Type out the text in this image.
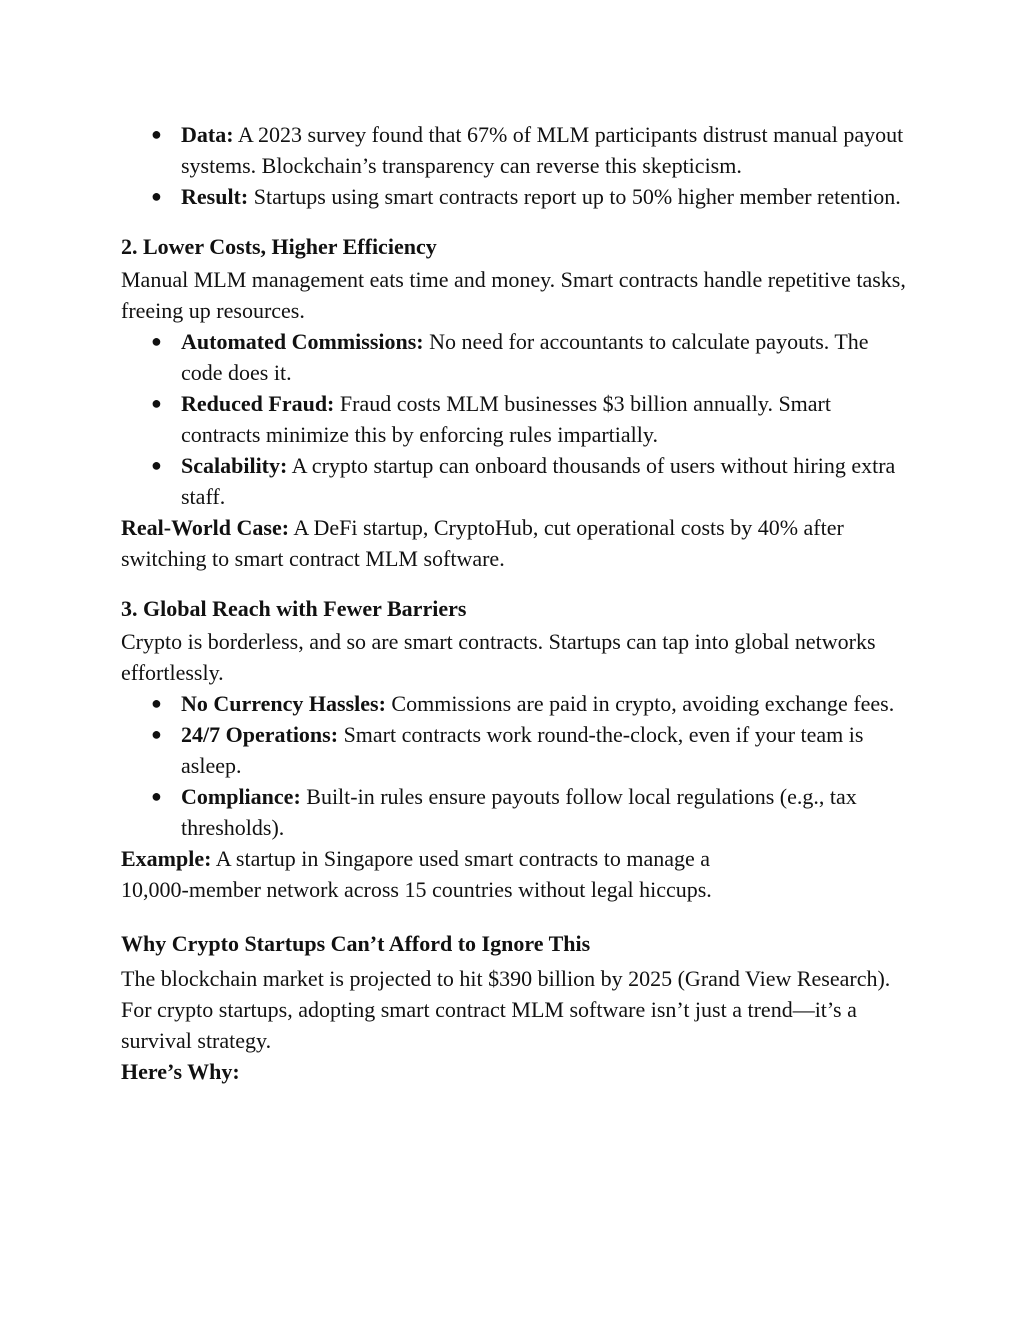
● Data: A 2023 survey found that 67% of MLM participants distrust manual payout systems. Blockchain’s transparency can reverse this skepticism.
● Result: Startups using smart contracts report up to 50% higher member retention.

2. Lower Costs, Higher Efficiency

Manual MLM management eats time and money. Smart contracts handle repetitive tasks, freeing up resources.

● Automated Commissions: No need for accountants to calculate payouts. The code does it.
● Reduced Fraud: Fraud costs MLM businesses $3 billion annually. Smart contracts minimize this by enforcing rules impartially.
● Scalability: A crypto startup can onboard thousands of users without hiring extra staff.

Real-World Case: A DeFi startup, CryptoHub, cut operational costs by 40% after switching to smart contract MLM software.

3. Global Reach with Fewer Barriers

Crypto is borderless, and so are smart contracts. Startups can tap into global networks effortlessly.

● No Currency Hassles: Commissions are paid in crypto, avoiding exchange fees.
● 24/7 Operations: Smart contracts work round-the-clock, even if your team is asleep.
● Compliance: Built-in rules ensure payouts follow local regulations (e.g., tax thresholds).

Example: A startup in Singapore used smart contracts to manage a
10,000-member network across 15 countries without legal hiccups.

Why Crypto Startups Can’t Afford to Ignore This

The blockchain market is projected to hit $390 billion by 2025 (Grand View Research). For crypto startups, adopting smart contract MLM software isn’t just a trend—it’s a survival strategy.

Here’s Why:
